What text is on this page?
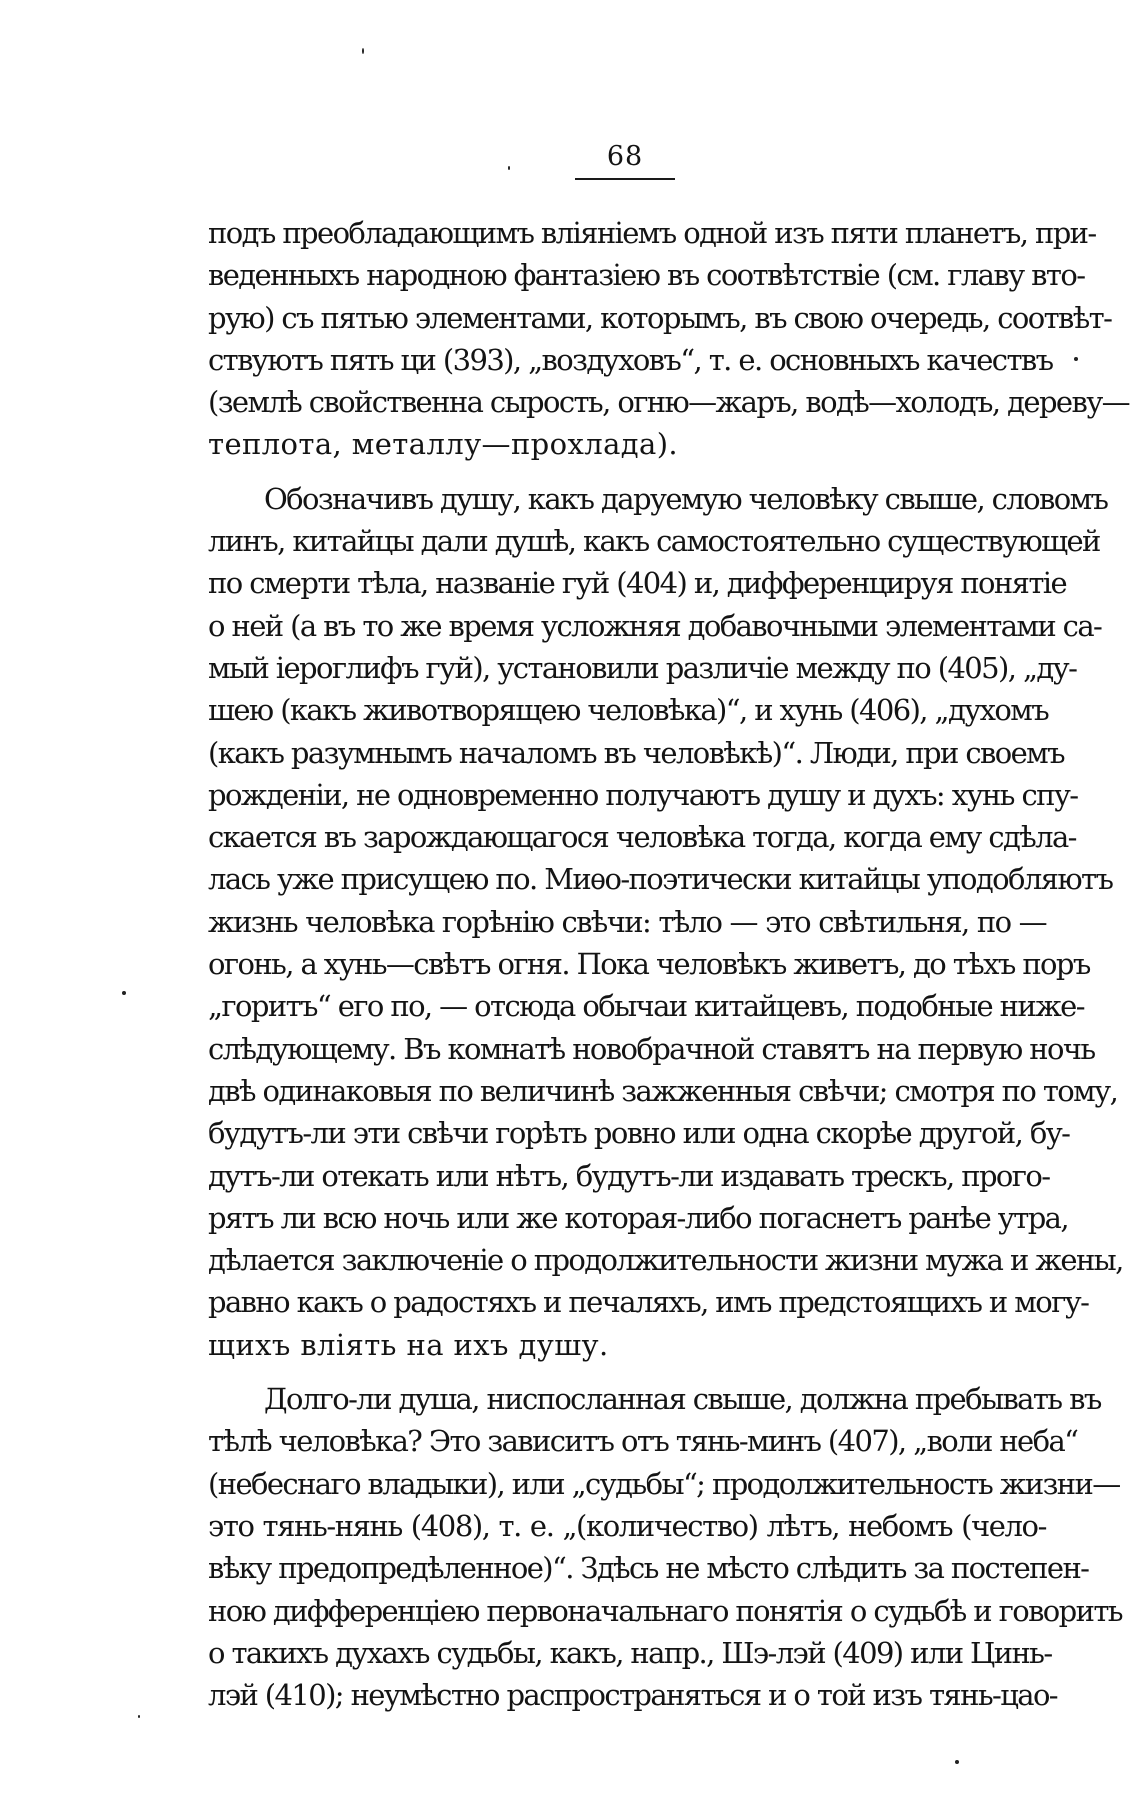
68
подъ преобладающимъ вліяніемъ одной изъ пяти планетъ, при-
веденныхъ народною фантазіею въ соотвѣтствіе (см. главу вто-
рую) съ пятью элементами, которымъ, въ свою очередь, соотвѣт-
ствуютъ пять ци (393), „воздуховъ“, т. е. основныхъ качествъ
(землѣ свойственна сырость, огню—жаръ, водѣ—холодъ, дереву—
теплота, металлу—прохлада).
Обозначивъ душу, какъ даруемую человѣку свыше, словомъ
линъ, китайцы дали душѣ, какъ самостоятельно существующей
по смерти тѣла, названіе гуй (404) и, дифференцируя понятіе
о ней (а въ то же время усложняя добавочными элементами са-
мый іероглифъ гуй), установили различіе между по (405), „ду-
шею (какъ животворящею человѣка)“, и хунь (406), „духомъ
(какъ разумнымъ началомъ въ человѣкѣ)“. Люди, при своемъ
рожденіи, не одновременно получаютъ душу и духъ: хунь спу-
скается въ зарождающагося человѣка тогда, когда ему сдѣла-
лась уже присущею по. Миѳо-поэтически китайцы уподобляютъ
жизнь человѣка горѣнію свѣчи: тѣло — это свѣтильня, по —
огонь, а хунь—свѣтъ огня. Пока человѣкъ живетъ, до тѣхъ поръ
„горитъ“ его по, — отсюда обычаи китайцевъ, подобные ниже-
слѣдующему. Въ комнатѣ новобрачной ставятъ на первую ночь
двѣ одинаковыя по величинѣ зажженныя свѣчи; смотря по тому,
будутъ-ли эти свѣчи горѣть ровно или одна скорѣе другой, бу-
дутъ-ли отекать или нѣтъ, будутъ-ли издавать трескъ, прого-
рятъ ли всю ночь или же которая-либо погаснетъ ранѣе утра,
дѣлается заключеніе о продолжительности жизни мужа и жены,
равно какъ о радостяхъ и печаляхъ, имъ предстоящихъ и могу-
щихъ вліять на ихъ душу.
Долго-ли душа, ниспосланная свыше, должна пребывать въ
тѣлѣ человѣка? Это зависитъ отъ тянь-минъ (407), „воли неба“
(небеснаго владыки), или „судьбы“; продолжительность жизни—
это тянь-нянь (408), т. е. „(количество) лѣтъ, небомъ (чело-
вѣку предопредѣленное)“. Здѣсь не мѣсто слѣдить за постепен-
ною дифференціею первоначальнаго понятія о судьбѣ и говорить
о такихъ духахъ судьбы, какъ, напр., Шэ-лэй (409) или Цинь-
лэй (410); неумѣстно распространяться и о той изъ тянь-цао-
